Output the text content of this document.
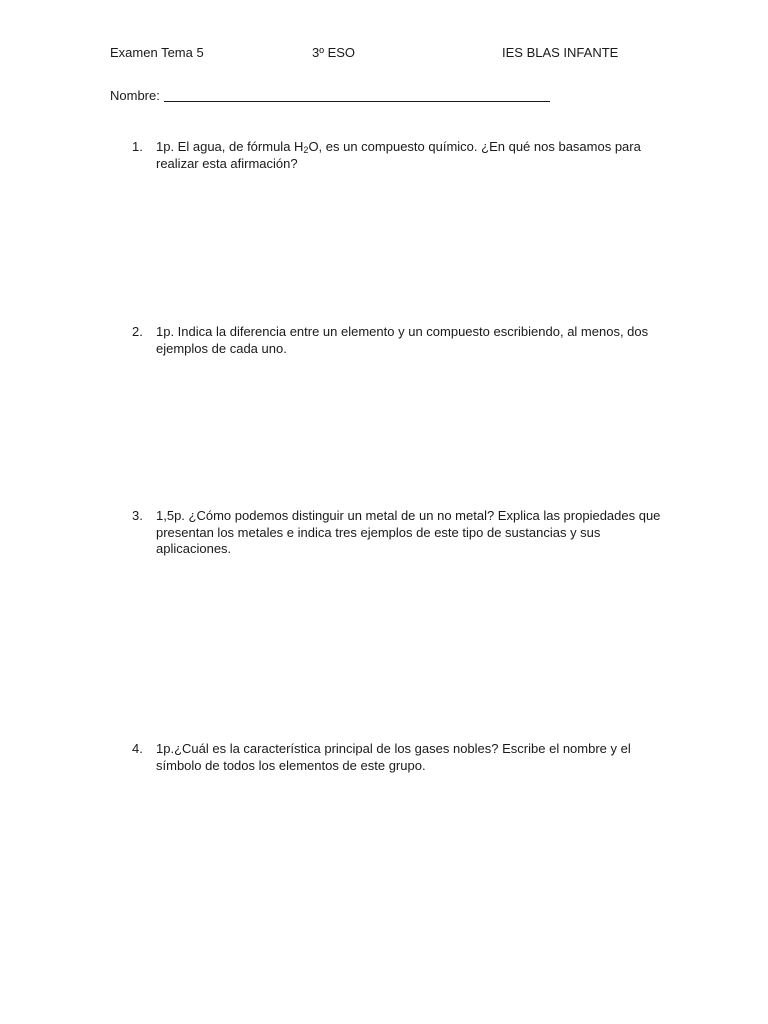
Examen Tema 5	3º ESO	IES BLAS INFANTE
Nombre:
1.	1p. El agua, de fórmula $H_2O$, es un compuesto químico. ¿En qué nos basamos para realizar esta afirmación?
2.	1p. Indica la diferencia entre un elemento y un compuesto escribiendo, al menos, dos ejemplos de cada uno.
3.	1,5p. ¿Cómo podemos distinguir un metal de un no metal? Explica las propiedades que presentan los metales e indica tres ejemplos de este tipo de sustancias y sus aplicaciones.
4.	1p.¿Cuál es la característica principal de los gases nobles? Escribe el nombre y el símbolo de todos los elementos de este grupo.
